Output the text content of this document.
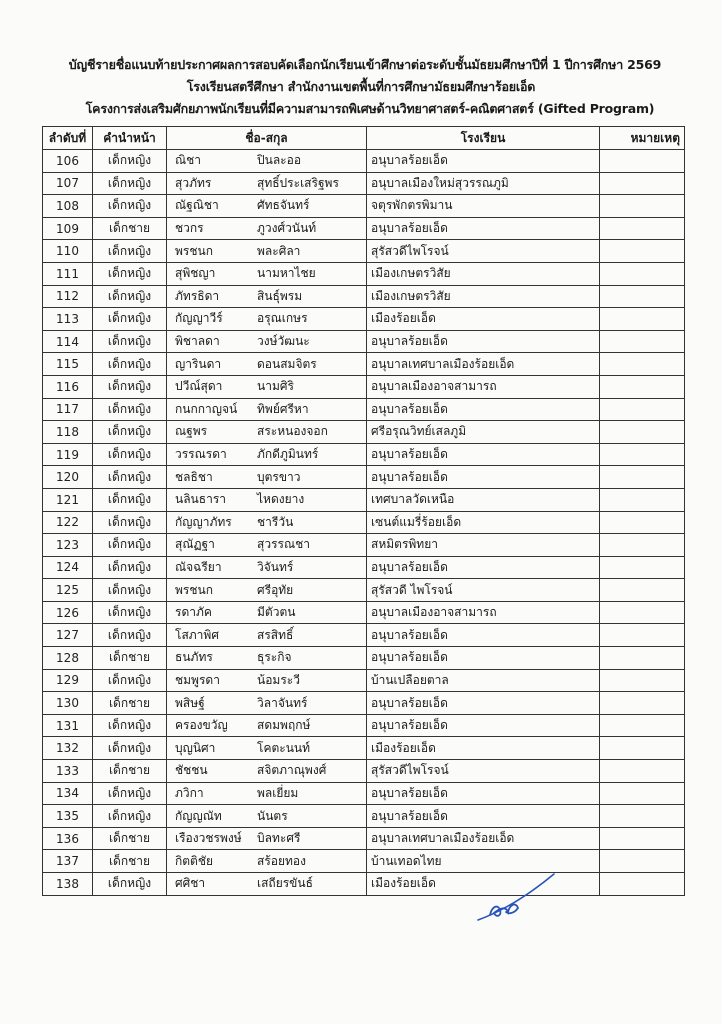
บัญชีรายชื่อแนบท้ายประกาศผลการสอบคัดเลือกนักเรียนเข้าศึกษาต่อระดับชั้นมัธยมศึกษาปีที่ 1 ปีการศึกษา 2569
โรงเรียนสตรีศึกษา สำนักงานเขตพื้นที่การศึกษามัธยมศึกษาร้อยเอ็ด
โครงการส่งเสริมศักยภาพนักเรียนที่มีความสามารถพิเศษด้านวิทยาศาสตร์-คณิตศาสตร์ (Gifted Program)
ลำดับที่	คำนำหน้า	ชื่อ-สกุล	โรงเรียน	หมายเหตุ
106	เด็กหญิง	ณิชา ปินละออ	อนุบาลร้อยเอ็ด	
107	เด็กหญิง	สุวภัทร สุทธิ์ประเสริฐพร	อนุบาลเมืองใหม่สุวรรณภูมิ	
108	เด็กหญิง	ณัฐณิชา ศัทธจันทร์	จตุรพักตรพิมาน	
109	เด็กชาย	ชวกร ภูวงศ์วนันท์	อนุบาลร้อยเอ็ด	
110	เด็กหญิง	พรชนก พละศิลา	สุรัสวดีไพโรจน์	
111	เด็กหญิง	สุพิชญา นามหาไชย	เมืองเกษตรวิสัย	
112	เด็กหญิง	ภัทรธิดา สินธุ์พรม	เมืองเกษตรวิสัย	
113	เด็กหญิง	กัญญาวีร์ อรุณเกษร	เมืองร้อยเอ็ด	
114	เด็กหญิง	พิชาลดา วงษ์วัฒนะ	อนุบาลร้อยเอ็ด	
115	เด็กหญิง	ญารินดา ดอนสมจิตร	อนุบาลเทศบาลเมืองร้อยเอ็ด	
116	เด็กหญิง	ปวีณ์สุดา นามศิริ	อนุบาลเมืองอาจสามารถ	
117	เด็กหญิง	กนกกาญจน์ ทิพย์ศรีหา	อนุบาลร้อยเอ็ด	
118	เด็กหญิง	ณฐพร สระหนองจอก	ศรีอรุณวิทย์เสลภูมิ	
119	เด็กหญิง	วรรณรดา ภักดีภูมินทร์	อนุบาลร้อยเอ็ด	
120	เด็กหญิง	ชลธิชา บุตรขาว	อนุบาลร้อยเอ็ด	
121	เด็กหญิง	นลินธารา ไหดงยาง	เทศบาลวัดเหนือ	
122	เด็กหญิง	กัญญาภัทร ชารีวัน	เซนต์แมรี่ร้อยเอ็ด	
123	เด็กหญิง	สุณัฏฐา สุวรรณชา	สหมิตรพิทยา	
124	เด็กหญิง	ณัจฉรียา วิจันทร์	อนุบาลร้อยเอ็ด	
125	เด็กหญิง	พรชนก ศรีอุทัย	สุรัสวดี ไพโรจน์	
126	เด็กหญิง	รดาภัค มีตัวตน	อนุบาลเมืองอาจสามารถ	
127	เด็กหญิง	โสภาพิศ สรสิทธิ์	อนุบาลร้อยเอ็ด	
128	เด็กชาย	ธนภัทร ธุระกิจ	อนุบาลร้อยเอ็ด	
129	เด็กหญิง	ชมพูรดา น้อมระวี	บ้านเปลือยตาล	
130	เด็กชาย	พสิษฐ์ วิลาจันทร์	อนุบาลร้อยเอ็ด	
131	เด็กหญิง	ครองขวัญ สดมพฤกษ์	อนุบาลร้อยเอ็ด	
132	เด็กหญิง	บุญนิศา โคตะนนท์	เมืองร้อยเอ็ด	
133	เด็กชาย	ชัชชน สจิตภาณุพงศ์	สุรัสวดีไพโรจน์	
134	เด็กหญิง	ภวิกา พลเยี่ยม	อนุบาลร้อยเอ็ด	
135	เด็กหญิง	กัญญณัท นันตร	อนุบาลร้อยเอ็ด	
136	เด็กชาย	เรืองวชรพงษ์ บิลทะศรี	อนุบาลเทศบาลเมืองร้อยเอ็ด	
137	เด็กชาย	กิตติชัย สร้อยทอง	บ้านเทอดไทย	
138	เด็กหญิง	ศศิชา เสถียรขันธ์	เมืองร้อยเอ็ด	
